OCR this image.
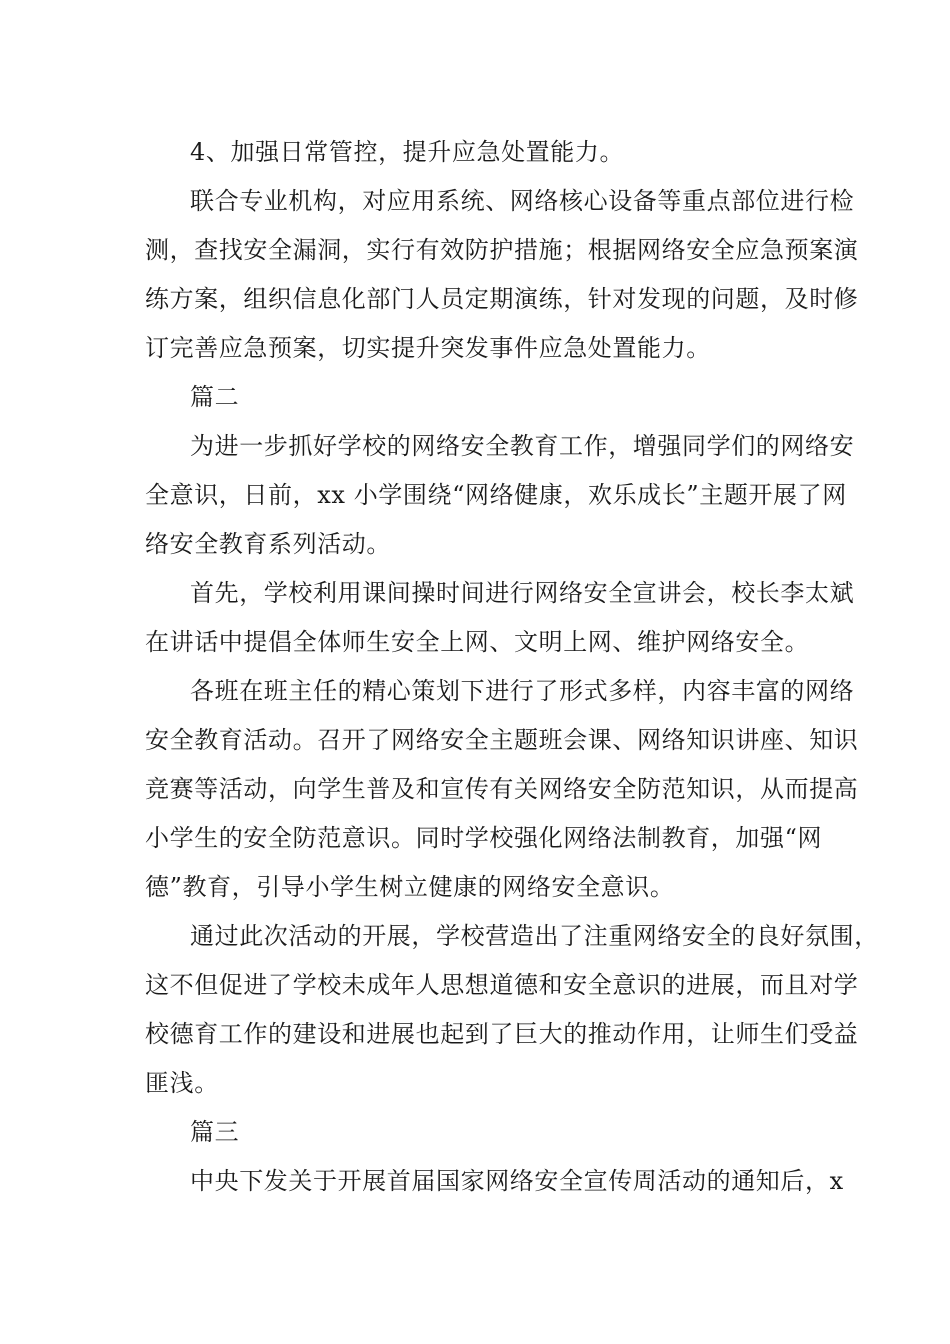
4、加强日常管控，提升应急处置能力。

联合专业机构，对应用系统、网络核心设备等重点部位进行检

测，查找安全漏洞，实行有效防护措施；根据网络安全应急预案演

练方案，组织信息化部门人员定期演练，针对发现的问题，及时修

订完善应急预案，切实提升突发事件应急处置能力。

篇二

为进一步抓好学校的网络安全教育工作，增强同学们的网络安

全意识，日前，xx 小学围绕“网络健康，欢乐成长”主题开展了网

络安全教育系列活动。

首先，学校利用课间操时间进行网络安全宣讲会，校长李太斌

在讲话中提倡全体师生安全上网、文明上网、维护网络安全。

各班在班主任的精心策划下进行了形式多样，内容丰富的网络

安全教育活动。召开了网络安全主题班会课、网络知识讲座、知识

竞赛等活动，向学生普及和宣传有关网络安全防范知识，从而提高

小学生的安全防范意识。同时学校强化网络法制教育，加强“网

德”教育，引导小学生树立健康的网络安全意识。

通过此次活动的开展，学校营造出了注重网络安全的良好氛围，

这不但促进了学校未成年人思想道德和安全意识的进展，而且对学

校德育工作的建设和进展也起到了巨大的推动作用，让师生们受益

匪浅。

篇三

中央下发关于开展首届国家网络安全宣传周活动的通知后，x
